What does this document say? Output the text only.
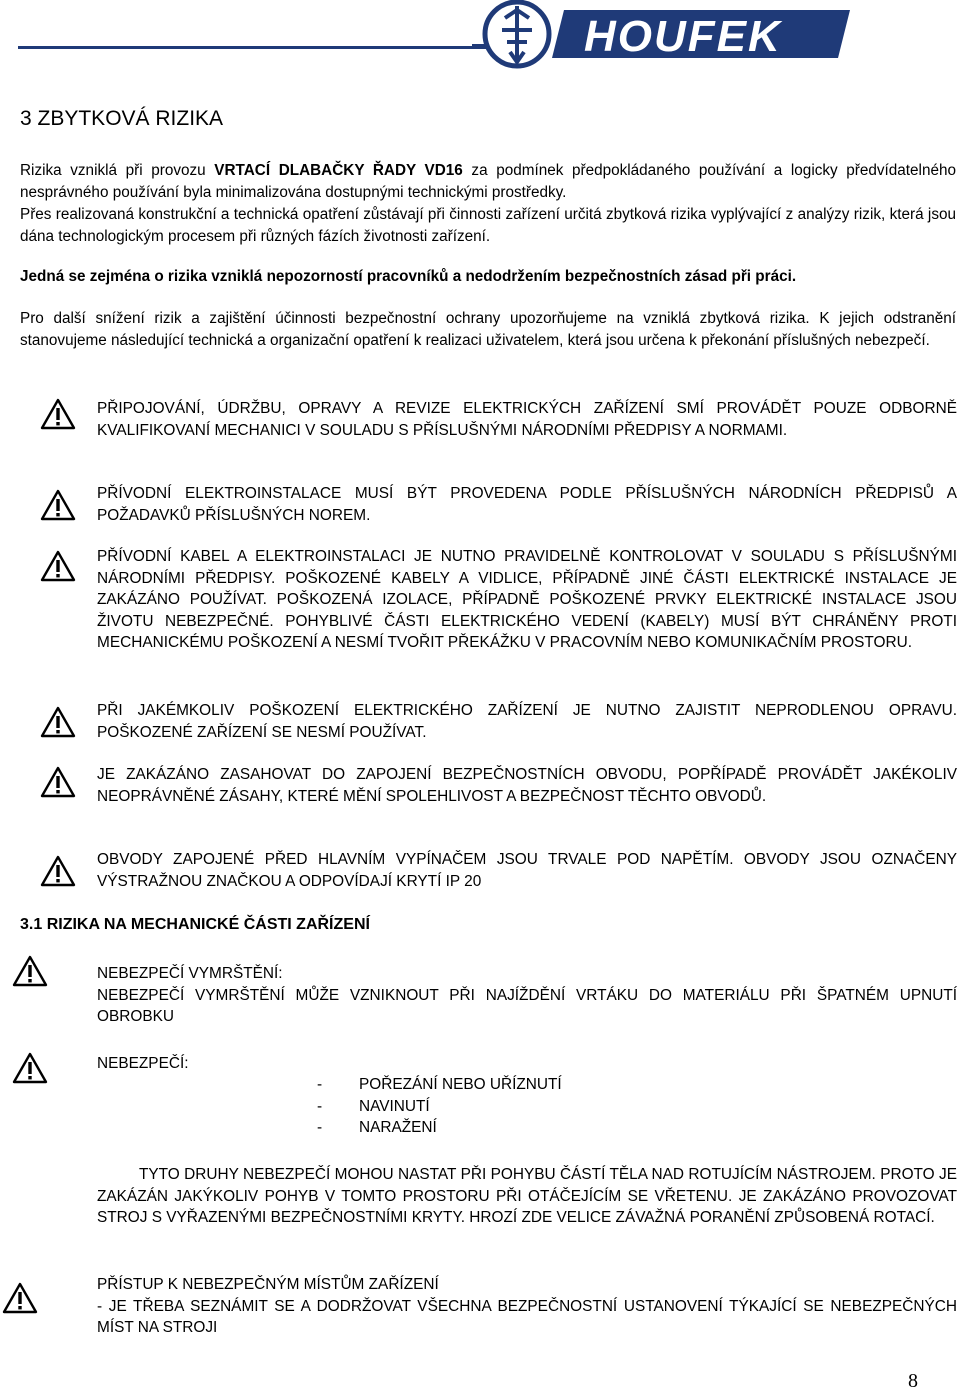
HOUFEK
3 ZBYTKOVÁ RIZIKA
Rizika vzniklá při provozu VRTACÍ DLABAČKY ŘADY VD16 za podmínek předpokládaného používání a logicky předvídatelného nesprávného používání byla minimalizována dostupnými technickými prostředky.
Přes realizovaná konstrukční a technická opatření zůstávají při činnosti zařízení určitá zbytková rizika vyplývající z analýzy rizik, která jsou dána technologickým procesem při různých fázích životnosti zařízení.
Jedná se zejména o rizika vzniklá nepozorností pracovníků a nedodržením bezpečnostních zásad při práci.
Pro další snížení rizik a zajištění účinnosti bezpečnostní ochrany upozorňujeme na vzniklá zbytková rizika. K jejich odstranění stanovujeme následující technická a organizační opatření k realizaci uživatelem, která jsou určena k překonání příslušných nebezpečí.
PŘIPOJOVÁNÍ, ÚDRŽBU, OPRAVY A REVIZE ELEKTRICKÝCH ZAŘÍZENÍ SMÍ PROVÁDĚT POUZE ODBORNĚ KVALIFIKOVANÍ MECHANICI V SOULADU S PŘÍSLUŠNÝMI NÁRODNÍMI PŘEDPISY A NORMAMI.
PŘÍVODNÍ ELEKTROINSTALACE MUSÍ BÝT PROVEDENA PODLE PŘÍSLUŠNÝCH NÁRODNÍCH PŘEDPISŮ A POŽADAVKŮ PŘÍSLUŠNÝCH NOREM.
PŘÍVODNÍ KABEL A ELEKTROINSTALACI JE NUTNO PRAVIDELNĚ KONTROLOVAT V SOULADU S PŘÍSLUŠNÝMI NÁRODNÍMI PŘEDPISY. POŠKOZENÉ KABELY A VIDLICE, PŘÍPADNĚ JINÉ ČÁSTI ELEKTRICKÉ INSTALACE JE ZAKÁZÁNO POUŽÍVAT. POŠKOZENÁ IZOLACE, PŘÍPADNĚ POŠKOZENÉ PRVKY ELEKTRICKÉ INSTALACE JSOU ŽIVOTU NEBEZPEČNÉ. POHYBLIVÉ ČÁSTI ELEKTRICKÉHO VEDENÍ (KABELY) MUSÍ BÝT CHRÁNĚNY PROTI MECHANICKÉMU POŠKOZENÍ A NESMÍ TVOŘIT PŘEKÁŽKU V PRACOVNÍM NEBO KOMUNIKAČNÍM PROSTORU.
PŘI JAKÉMKOLIV POŠKOZENÍ ELEKTRICKÉHO ZAŘÍZENÍ JE NUTNO ZAJISTIT NEPRODLENOU OPRAVU. POŠKOZENÉ ZAŘÍZENÍ SE NESMÍ POUŽÍVAT.
JE ZAKÁZÁNO ZASAHOVAT DO ZAPOJENÍ BEZPEČNOSTNÍCH OBVODU, POPŘÍPADĚ PROVÁDĚT JAKÉKOLIV NEOPRÁVNĚNÉ ZÁSAHY, KTERÉ MĚNÍ SPOLEHLIVOST A BEZPEČNOST TĚCHTO OBVODŮ.
OBVODY ZAPOJENÉ PŘED HLAVNÍM VYPÍNAČEM JSOU TRVALE POD NAPĚTÍM. OBVODY JSOU OZNAČENY VÝSTRAŽNOU ZNAČKOU A ODPOVÍDAJÍ KRYTÍ IP 20
3.1 RIZIKA NA MECHANICKÉ ČÁSTI ZAŘÍZENÍ
NEBEZPEČÍ VYMRŠTĚNÍ:
NEBEZPEČÍ VYMRŠTĚNÍ MŮŽE VZNIKNOUT PŘI NAJÍŽDĚNÍ VRTÁKU DO MATERIÁLU PŘI ŠPATNÉM UPNUTÍ OBROBKU
NEBEZPEČÍ:
- POŘEZÁNÍ NEBO UŘÍZNUTÍ
- NAVINUTÍ
- NARAŽENÍ
TYTO DRUHY NEBEZPEČÍ MOHOU NASTAT PŘI POHYBU ČÁSTÍ TĚLA NAD ROTUJÍCÍM NÁSTROJEM. PROTO JE ZAKÁZÁN JAKÝKOLIV POHYB V TOMTO PROSTORU PŘI OTÁČEJÍCÍM SE VŘETENU. JE ZAKÁZÁNO PROVOZOVAT STROJ S VYŘAZENÝMI BEZPEČNOSTNÍMI KRYTY. HROZÍ ZDE VELICE ZÁVAŽNÁ PORANĚNÍ ZPŮSOBENÁ ROTACÍ.
PŘÍSTUP K NEBEZPEČNÝM MÍSTŮM ZAŘÍZENÍ
- JE TŘEBA SEZNÁMIT SE A DODRŽOVAT VŠECHNA BEZPEČNOSTNÍ USTANOVENÍ TÝKAJÍCÍ SE NEBEZPEČNÝCH MÍST NA STROJI
8
